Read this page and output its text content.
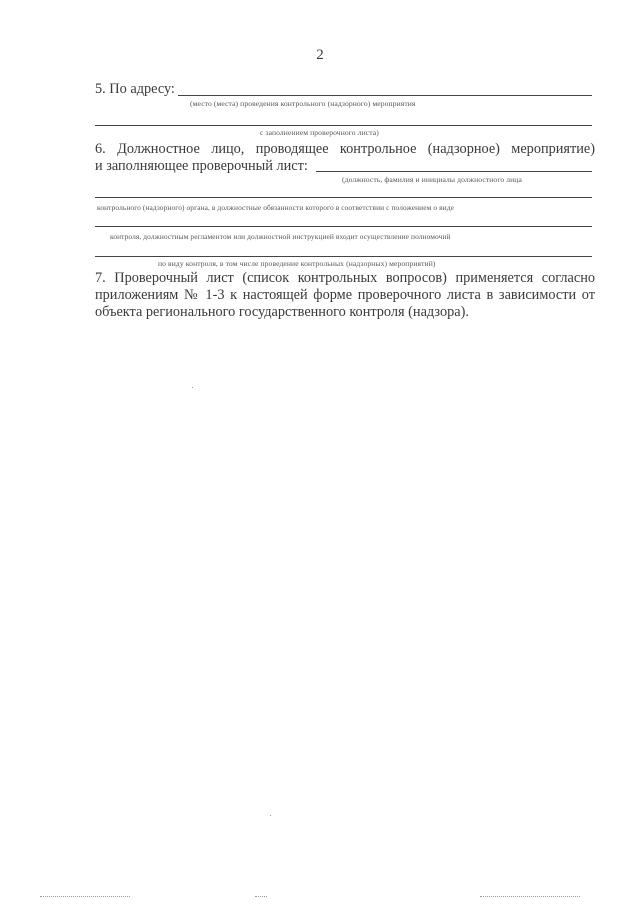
2
5. По адресу:
(место (места) проведения контрольного (надзорного) мероприятия
с заполнением проверочного листа)
6. Должностное лицо, проводящее контрольное (надзорное) мероприятие)
и заполняющее проверочный лист:
(должность, фамилия и инициалы должностного лица
контрольного (надзорного) органа, в должностные обязанности которого в соответствии с положением о виде
контроля, должностным регламентом или должностной инструкцией входит осуществление полномочий
по виду контроля, в том числе проведение контрольных (надзорных) мероприятий)
7. Проверочный лист (список контрольных вопросов) применяется согласно
приложениям № 1-3 к настоящей форме проверочного листа в зависимости от
объекта регионального государственного контроля (надзора).
